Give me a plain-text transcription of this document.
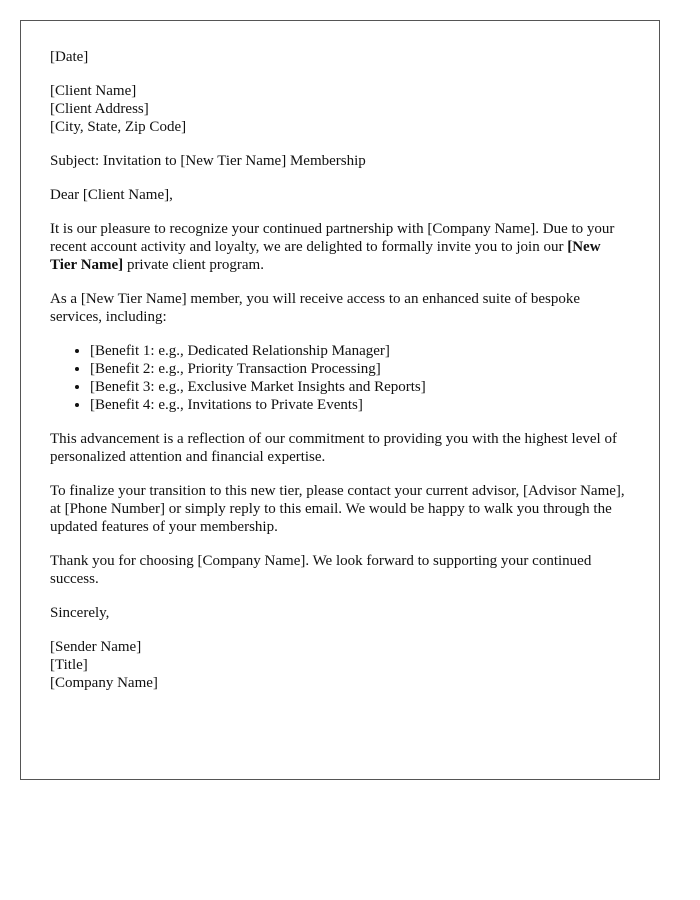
[Date]

[Client Name]
[Client Address]
[City, State, Zip Code]

Subject: Invitation to [New Tier Name] Membership

Dear [Client Name],

It is our pleasure to recognize your continued partnership with [Company Name]. Due to your recent account activity and loyalty, we are delighted to formally invite you to join our [New Tier Name] private client program.

As a [New Tier Name] member, you will receive access to an enhanced suite of bespoke services, including:

• [Benefit 1: e.g., Dedicated Relationship Manager]
• [Benefit 2: e.g., Priority Transaction Processing]
• [Benefit 3: e.g., Exclusive Market Insights and Reports]
• [Benefit 4: e.g., Invitations to Private Events]

This advancement is a reflection of our commitment to providing you with the highest level of personalized attention and financial expertise.

To finalize your transition to this new tier, please contact your current advisor, [Advisor Name], at [Phone Number] or simply reply to this email. We would be happy to walk you through the updated features of your membership.

Thank you for choosing [Company Name]. We look forward to supporting your continued success.

Sincerely,

[Sender Name]
[Title]
[Company Name]
